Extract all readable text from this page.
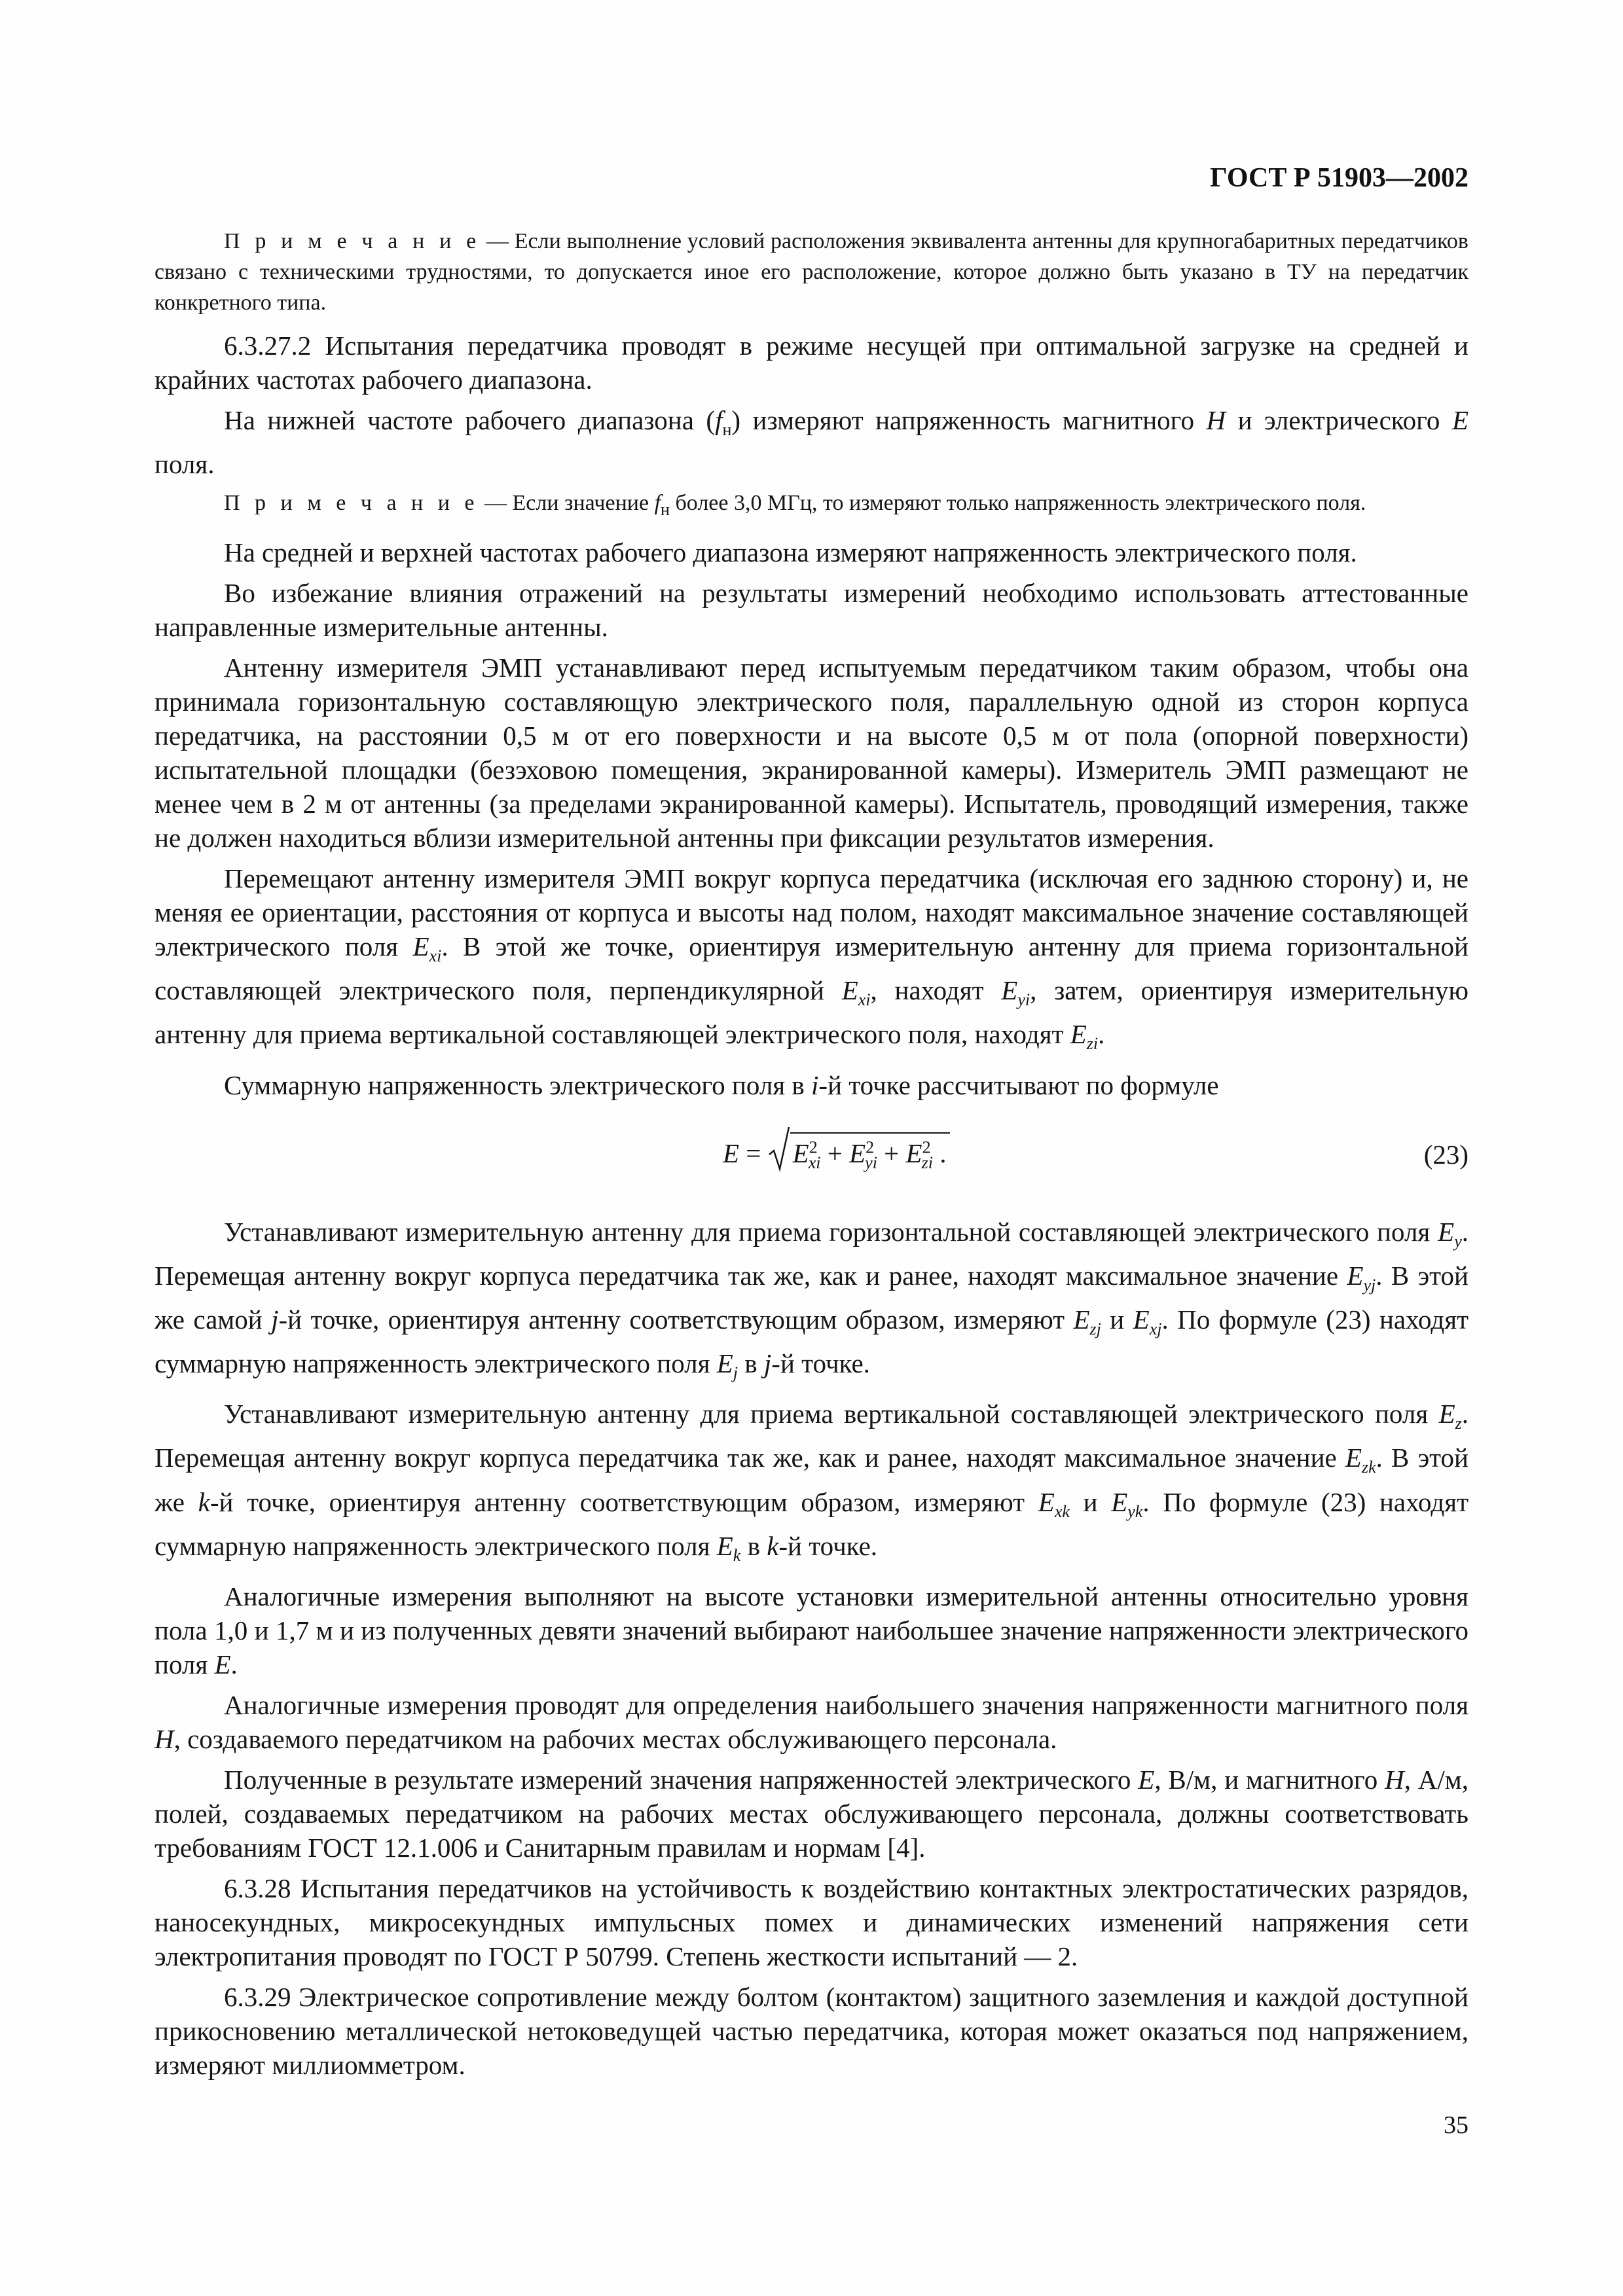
ГОСТ Р 51903—2002

П р и м е ч а н и е — Если выполнение условий расположения эквивалента антенны для крупногабаритных передатчиков связано с техническими трудностями, то допускается иное его расположение, которое должно быть указано в ТУ на передатчик конкретного типа.

6.3.27.2 Испытания передатчика проводят в режиме несущей при оптимальной загрузке на средней и крайних частотах рабочего диапазона.

На нижней частоте рабочего диапазона $(f_н)$ измеряют напряженность магнитного H и электрического E поля.

П р и м е ч а н и е — Если значение $f_н$ более 3,0 МГц, то измеряют только напряженность электрического поля.

На средней и верхней частотах рабочего диапазона измеряют напряженность электрического поля.

Во избежание влияния отражений на результаты измерений необходимо использовать аттестованные направленные измерительные антенны.

Антенну измерителя ЭМП устанавливают перед испытуемым передатчиком таким образом, чтобы она принимала горизонтальную составляющую электрического поля, параллельную одной из сторон корпуса передатчика, на расстоянии 0,5 м от его поверхности и на высоте 0,5 м от пола (опорной поверхности) испытательной площадки (безэховою помещения, экранированной камеры). Измеритель ЭМП размещают не менее чем в 2 м от антенны (за пределами экранированной камеры). Испытатель, проводящий измерения, также не должен находиться вблизи измерительной антенны при фиксации результатов измерения.

Перемещают антенну измерителя ЭМП вокруг корпуса передатчика (исключая его заднюю сторону) и, не меняя ее ориентации, расстояния от корпуса и высоты над полом, находят максимальное значение составляющей электрического поля $E_{xi}$. В этой же точке, ориентируя измерительную антенну для приема горизонтальной составляющей электрического поля, перпендикулярной $E_{xi}$, находят $E_{yi}$, затем, ориентируя измерительную антенну для приема вертикальной составляющей электрического поля, находят $E_{zi}$.

Суммарную напряженность электрического поля в i-й точке рассчитывают по формуле

$E = E^2_{xi} + E^2_{yi} + E^2_{zi}$ .	(23)

Устанавливают измерительную антенну для приема горизонтальной составляющей электрического поля $E_y$. Перемещая антенну вокруг корпуса передатчика так же, как и ранее, находят максимальное значение $E_{yj}$. В этой же самой j-й точке, ориентируя антенну соответствующим образом, измеряют $E_{zj}$ и $E_{xj}$. По формуле (23) находят суммарную напряженность электрического поля $E_j$ в j-й точке.

Устанавливают измерительную антенну для приема вертикальной составляющей электрического поля $E_z$. Перемещая антенну вокруг корпуса передатчика так же, как и ранее, находят максимальное значение $E_{zk}$. В этой же k-й точке, ориентируя антенну соответствующим образом, измеряют $E_{xk}$ и $E_{yk}$. По формуле (23) находят суммарную напряженность электрического поля $E_k$ в k-й точке.

Аналогичные измерения выполняют на высоте установки измерительной антенны относительно уровня пола 1,0 и 1,7 м и из полученных девяти значений выбирают наибольшее значение напряженности электрического поля E.

Аналогичные измерения проводят для определения наибольшего значения напряженности магнитного поля H, создаваемого передатчиком на рабочих местах обслуживающего персонала.

Полученные в результате измерений значения напряженностей электрического E, В/м, и магнитного H, А/м, полей, создаваемых передатчиком на рабочих местах обслуживающего персонала, должны соответствовать требованиям ГОСТ 12.1.006 и Санитарным правилам и нормам [4].

6.3.28 Испытания передатчиков на устойчивость к воздействию контактных электростатических разрядов, наносекундных, микросекундных импульсных помех и динамических изменений напряжения сети электропитания проводят по ГОСТ Р 50799. Степень жесткости испытаний — 2.

6.3.29 Электрическое сопротивление между болтом (контактом) защитного заземления и каждой доступной прикосновению металлической нетоковедущей частью передатчика, которая может оказаться под напряжением, измеряют миллиомметром.

35
